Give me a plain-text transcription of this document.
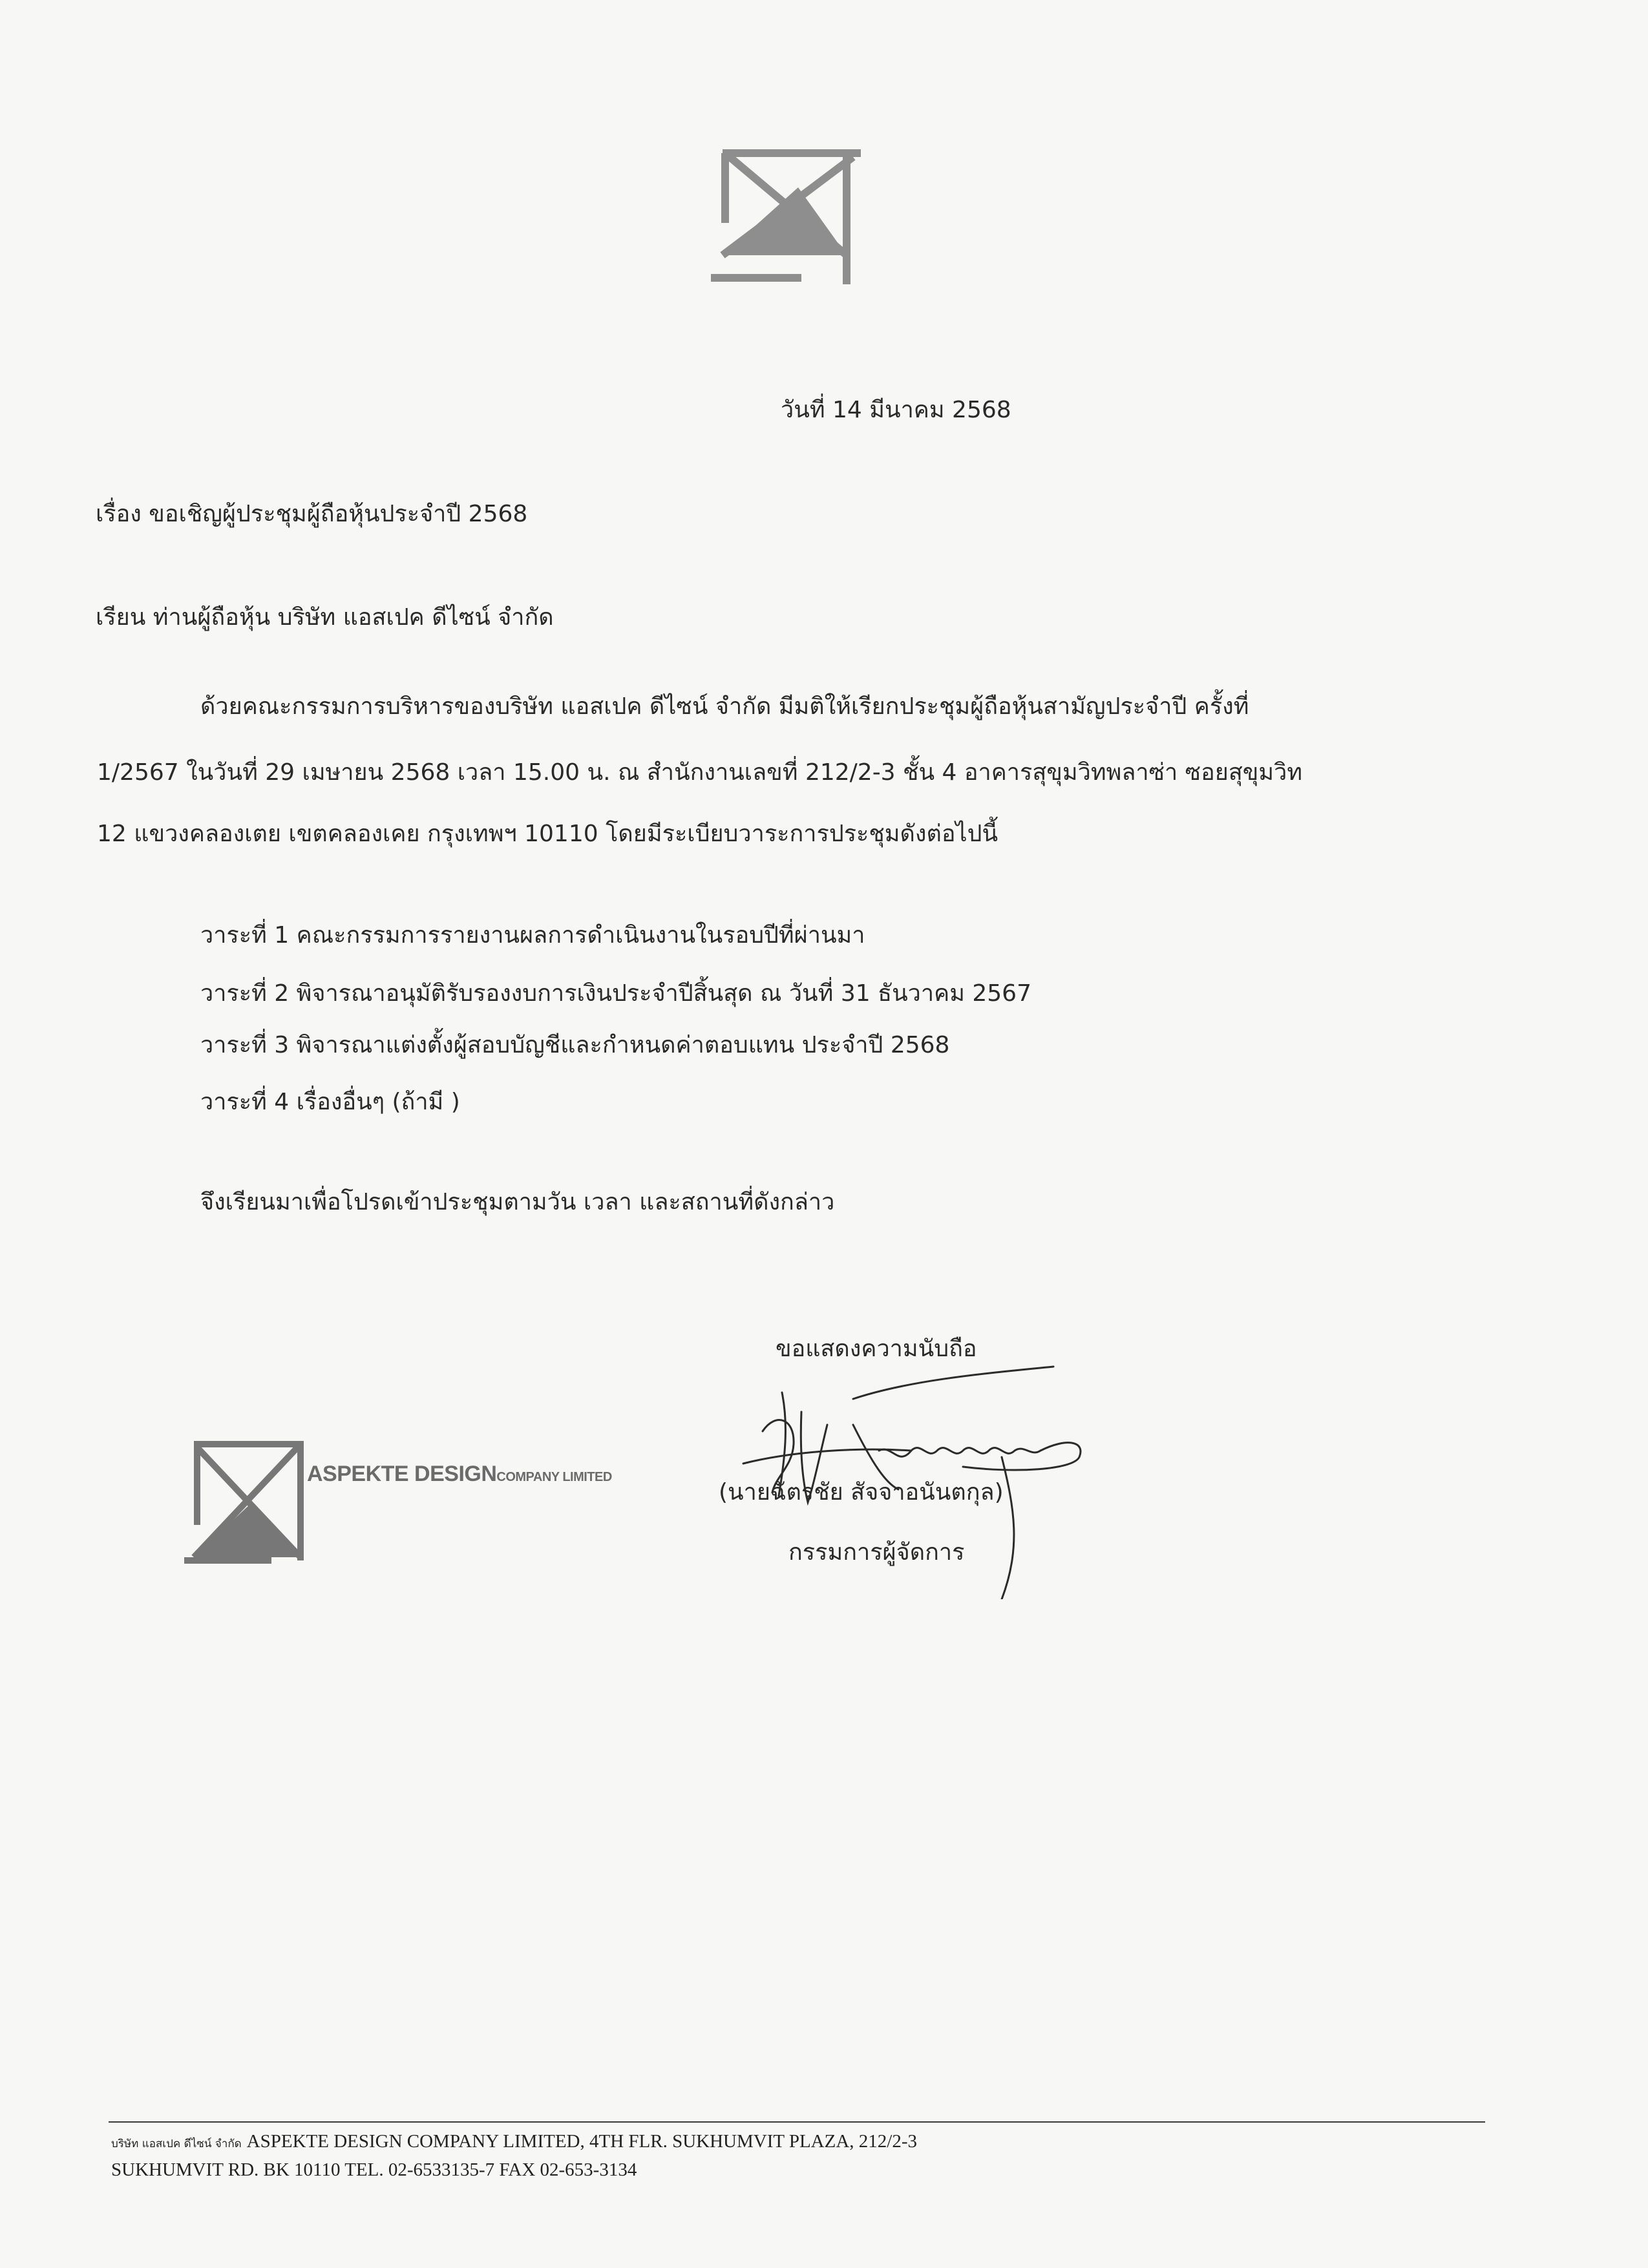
วันที่ 14 มีนาคม 2568
เรื่อง ขอเชิญผู้ประชุมผู้ถือหุ้นประจำปี 2568
เรียน ท่านผู้ถือหุ้น บริษัท แอสเปค ดีไซน์ จำกัด
ด้วยคณะกรรมการบริหารของบริษัท แอสเปค ดีไซน์ จำกัด มีมติให้เรียกประชุมผู้ถือหุ้นสามัญประจำปี ครั้งที่
1/2567 ในวันที่ 29 เมษายน 2568 เวลา 15.00 น. ณ สำนักงานเลขที่ 212/2-3 ชั้น 4 อาคารสุขุมวิทพลาซ่า ซอยสุขุมวิท
12 แขวงคลองเตย เขตคลองเคย กรุงเทพฯ 10110 โดยมีระเบียบวาระการประชุมดังต่อไปนี้
วาระที่ 1 คณะกรรมการรายงานผลการดำเนินงานในรอบปีที่ผ่านมา
วาระที่ 2 พิจารณาอนุมัติรับรองงบการเงินประจำปีสิ้นสุด ณ วันที่ 31 ธันวาคม 2567
วาระที่ 3 พิจารณาแต่งตั้งผู้สอบบัญชีและกำหนดค่าตอบแทน ประจำปี 2568
วาระที่ 4 เรื่องอื่นๆ (ถ้ามี )
จึงเรียนมาเพื่อโปรดเข้าประชุมตามวัน เวลา และสถานที่ดังกล่าว
ขอแสดงความนับถือ
(นายฉัตรชัย สัจจาอนันตกุล)
กรรมการผู้จัดการ
ASPEKTE DESIGNCOMPANY LIMITED
บริษัท แอสเปค ดีไซน์ จำกัด ASPEKTE DESIGN COMPANY LIMITED, 4TH FLR. SUKHUMVIT PLAZA, 212/2-3
SUKHUMVIT RD. BK 10110 TEL. 02-6533135-7 FAX 02-653-3134
